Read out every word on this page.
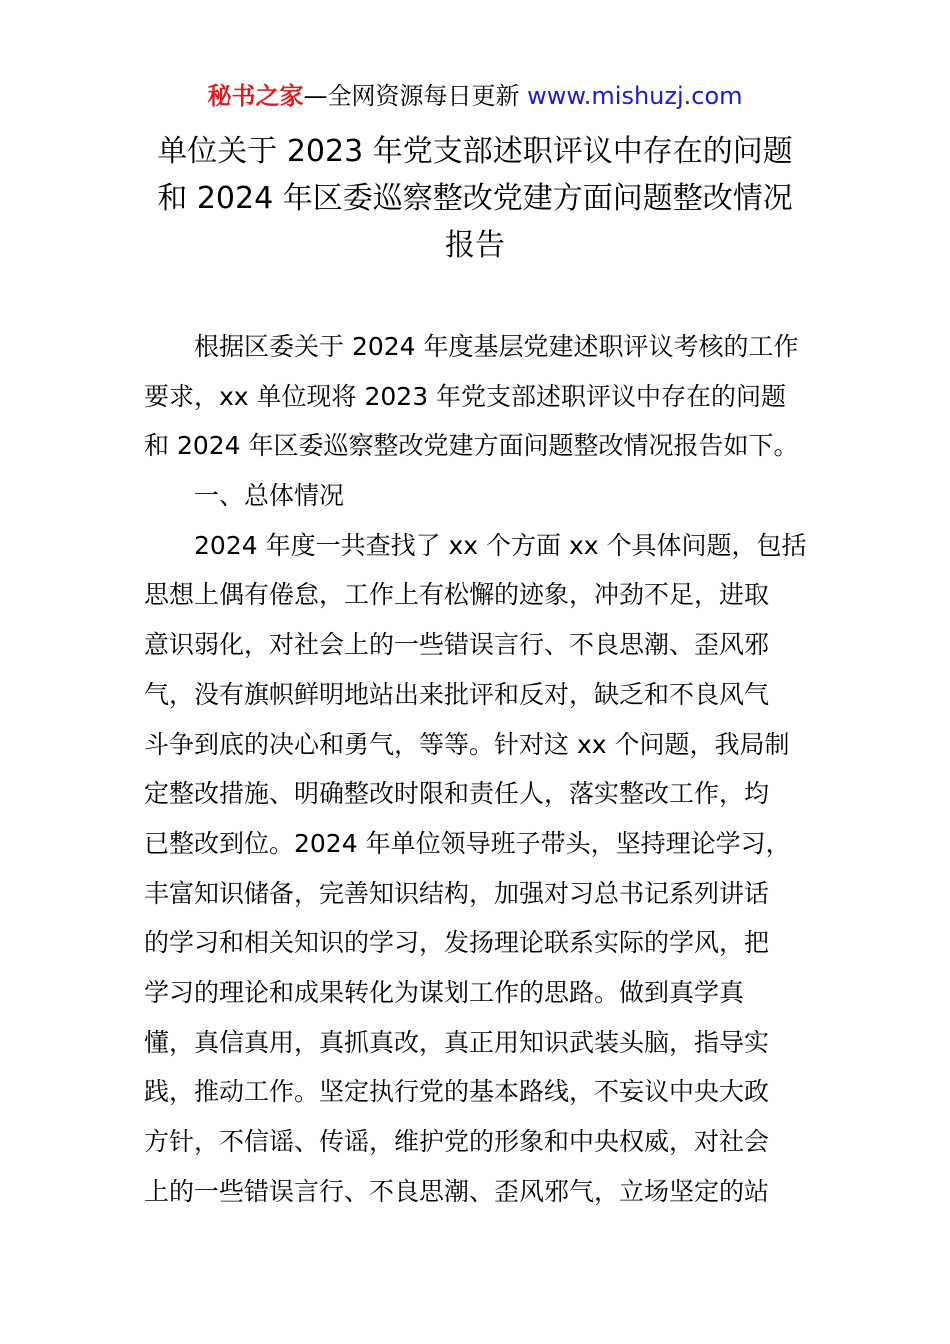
秘书之家—全网资源每日更新 www.mishuzj.com
单位关于 2023 年党支部述职评议中存在的问题
和 2024 年区委巡察整改党建方面问题整改情况
报告
根据区委关于 2024 年度基层党建述职评议考核的工作
要求，xx 单位现将 2023 年党支部述职评议中存在的问题
和 2024 年区委巡察整改党建方面问题整改情况报告如下。
一、总体情况
2024 年度一共查找了 xx 个方面 xx 个具体问题，包括
思想上偶有倦怠，工作上有松懈的迹象，冲劲不足，进取
意识弱化，对社会上的一些错误言行、不良思潮、歪风邪
气，没有旗帜鲜明地站出来批评和反对，缺乏和不良风气
斗争到底的决心和勇气，等等。针对这 xx 个问题，我局制
定整改措施、明确整改时限和责任人，落实整改工作，均
已整改到位。2024 年单位领导班子带头，坚持理论学习，
丰富知识储备，完善知识结构，加强对习总书记系列讲话
的学习和相关知识的学习，发扬理论联系实际的学风，把
学习的理论和成果转化为谋划工作的思路。做到真学真
懂，真信真用，真抓真改，真正用知识武装头脑，指导实
践，推动工作。坚定执行党的基本路线，不妄议中央大政
方针，不信谣、传谣，维护党的形象和中央权威，对社会
上的一些错误言行、不良思潮、歪风邪气，立场坚定的站
